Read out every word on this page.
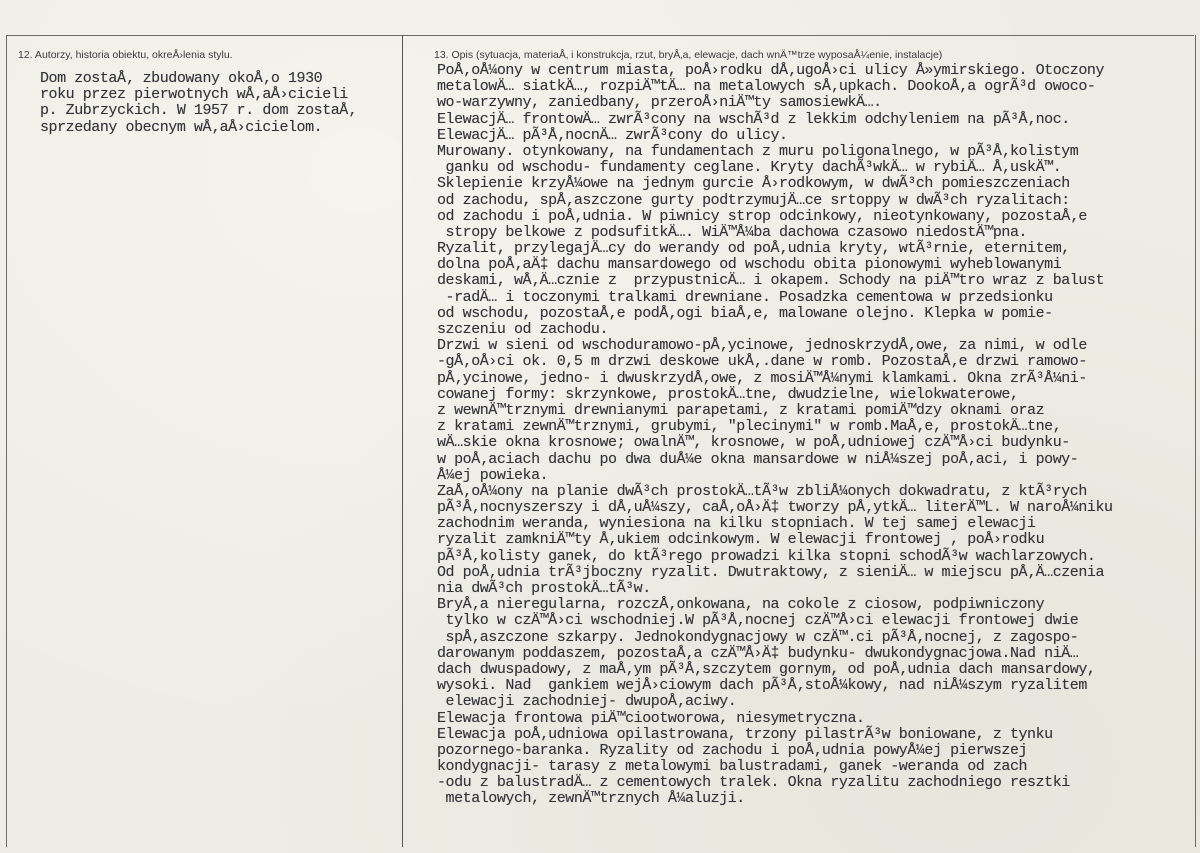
12. Autorzy, historia obiektu, okreÅ›lenia stylu.	13. Opis (sytuacja, materiaÅ‚ i konstrukcja, rzut, bryÅ‚a, elewacje, dach wnÄ™trze wyposaÅ¼enie, instalacje)
Dom zostaÅ‚ zbudowany okoÅ‚o 1930
roku przez pierwotnych wÅ‚aÅ›cicieli
p. Zubrzyckich. W 1957 r. dom zostaÅ‚
sprzedany obecnym wÅ‚aÅ›cicielom.
PoÅ‚oÅ¼ony w centrum miasta, poÅ›rodku dÅ‚ugoÅ›ci ulicy Å»ymirskiego. Otoczony
metalowÄ… siatkÄ…, rozpiÄ™tÄ… na metalowych sÅ‚upkach. DookoÅ‚a ogrÃ³d owoco-
wo-warzywny, zaniedbany, przeroÅ›niÄ™ty samosiewkÄ….
ElewacjÄ… frontowÄ… zwrÃ³cony na wschÃ³d z lekkim odchyleniem na pÃ³Å‚noc.
ElewacjÄ… pÃ³Å‚nocnÄ… zwrÃ³cony do ulicy.
Murowany. otynkowany, na fundamentach z muru poligonalnego, w pÃ³Å‚kolistym
ganku od wschodu- fundamenty ceglane. Kryty dachÃ³wkÄ… w rybiÄ… Å‚uskÄ™.
Sklepienie krzyÅ¼owe na jednym gurcie Å›rodkowym, w dwÃ³ch pomieszczeniach
od zachodu, spÅ‚aszczone gurty podtrzymujÄ…ce srtoppy w dwÃ³ch ryzalitach:
od zachodu i poÅ‚udnia. W piwnicy strop odcinkowy, nieotynkowany, pozostaÅ‚e
stropy belkowe z podsufitkÄ…. WiÄ™Å¼ba dachowa czasowo niedostÄ™pna.
Ryzalit, przylegajÄ…cy do werandy od poÅ‚udnia kryty, wtÃ³rnie, eternitem,
dolna poÅ‚aÄ‡ dachu mansardowego od wschodu obita pionowymi wyheblowanymi
deskami, wÅ‚Ä…cznie z  przypustnicÄ… i okapem. Schody na piÄ™tro wraz z balust
-radÄ… i toczonymi tralkami drewniane. Posadzka cementowa w przedsionku
od wschodu, pozostaÅ‚e podÅ‚ogi biaÅ‚e, malowane olejno. Klepka w pomie-
szczeniu od zachodu.
Drzwi w sieni od wschoduramowo-pÅ‚ycinowe, jednoskrzydÅ‚owe, za nimi, w odle
-gÅ‚oÅ›ci ok. 0,5 m drzwi deskowe ukÅ‚.dane w romb. PozostaÅ‚e drzwi ramowo-
pÅ‚ycinowe, jedno- i dwuskrzydÅ‚owe, z mosiÄ™Å¼nymi klamkami. Okna zrÃ³Å¼ni-
cowanej formy: skrzynkowe, prostokÄ…tne, dwudzielne, wielokwaterowe,
z wewnÄ™trznymi drewnianymi parapetami, z kratami pomiÄ™dzy oknami oraz
z kratami zewnÄ™trznymi, grubymi, "plecinymi" w romb.MaÅ‚e, prostokÄ…tne,
wÄ…skie okna krosnowe; owalnÄ™, krosnowe, w poÅ‚udniowej czÄ™Å›ci budynku-
w poÅ‚aciach dachu po dwa duÅ¼e okna mansardowe w niÅ¼szej poÅ‚aci, i powy-
Å¼ej powieka.
ZaÅ‚oÅ¼ony na planie dwÃ³ch prostokÄ…tÃ³w zbliÅ¼onych dokwadratu, z ktÃ³rych
pÃ³Å‚nocnyszerszy i dÅ‚uÅ¼szy, caÅ‚oÅ›Ä‡ tworzy pÅ‚ytkÄ… literÄ™L. W naroÅ¼niku
zachodnim weranda, wyniesiona na kilku stopniach. W tej samej elewacji
ryzalit zamkniÄ™ty Å‚ukiem odcinkowym. W elewacji frontowej , poÅ›rodku
pÃ³Å‚kolisty ganek, do ktÃ³rego prowadzi kilka stopni schodÃ³w wachlarzowych.
Od poÅ‚udnia trÃ³jboczny ryzalit. Dwutraktowy, z sieniÄ… w miejscu pÅ‚Ä…czenia
nia dwÃ³ch prostokÄ…tÃ³w.
BryÅ‚a nieregularna, rozczÅ‚onkowana, na cokole z ciosow, podpiwniczony
tylko w czÄ™Å›ci wschodniej.W pÃ³Å‚nocnej czÄ™Å›ci elewacji frontowej dwie
spÅ‚aszczone szkarpy. Jednokondygnacjowy w czÄ™.ci pÃ³Å‚nocnej, z zagospo-
darowanym poddaszem, pozostaÅ‚a czÄ™Å›Ä‡ budynku- dwukondygnacjowa.Nad niÄ…
dach dwuspadowy, z maÅ‚ym pÃ³Å‚szczytem gornym, od poÅ‚udnia dach mansardowy,
wysoki. Nad  gankiem wejÅ›ciowym dach pÃ³Å‚stoÅ¼kowy, nad niÅ¼szym ryzalitem
elewacji zachodniej- dwupoÅ‚aciwy.
Elewacja frontowa piÄ™ciootworowa, niesymetryczna.
Elewacja poÅ‚udniowa opilastrowana, trzony pilastrÃ³w boniowane, z tynku
pozornego-baranka. Ryzality od zachodu i poÅ‚udnia powyÅ¼ej pierwszej
kondygnacji- tarasy z metalowymi balustradami, ganek -weranda od zach
-odu z balustradÄ… z cementowych tralek. Okna ryzalitu zachodniego resztki
metalowych, zewnÄ™trznych Å¼aluzji.
